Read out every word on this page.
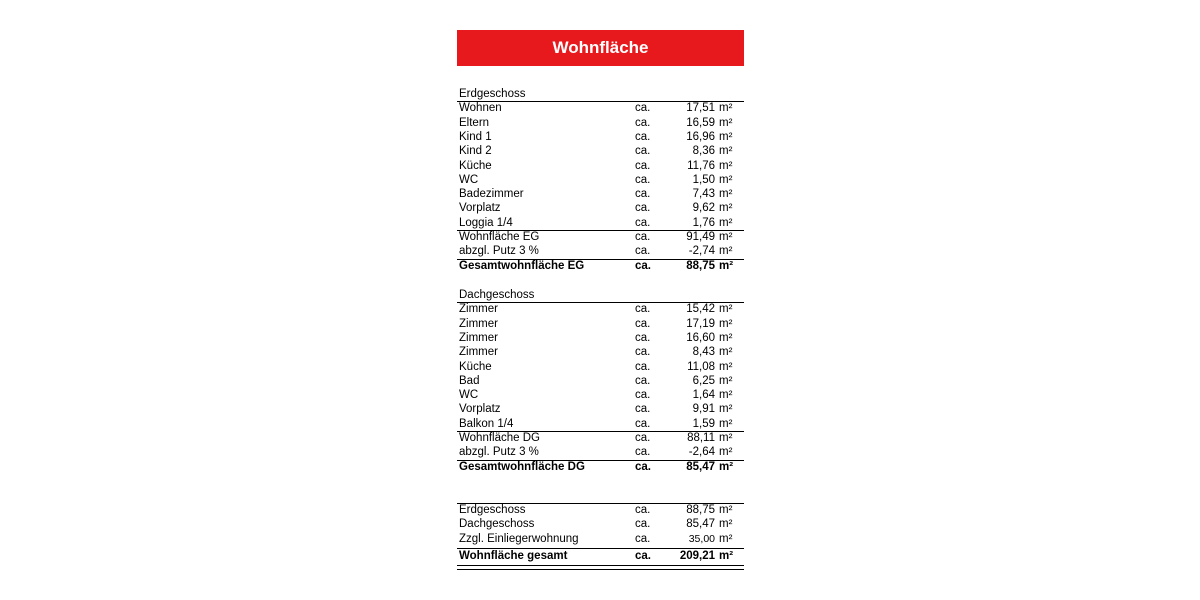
Wohnfläche
Erdgeschoss
Wohnen	ca.	17,51 m²
Eltern	ca.	16,59 m²
Kind 1	ca.	16,96 m²
Kind 2	ca.	8,36 m²
Küche	ca.	11,76 m²
WC	ca.	1,50 m²
Badezimmer	ca.	7,43 m²
Vorplatz	ca.	9,62 m²
Loggia 1/4	ca.	1,76 m²
Wohnfläche EG	ca.	91,49 m²
abzgl. Putz 3 %	ca.	-2,74 m²
Gesamtwohnfläche EG	ca.	88,75 m²
Dachgeschoss
Zimmer	ca.	15,42 m²
Zimmer	ca.	17,19 m²
Zimmer	ca.	16,60 m²
Zimmer	ca.	8,43 m²
Küche	ca.	11,08 m²
Bad	ca.	6,25 m²
WC	ca.	1,64 m²
Vorplatz	ca.	9,91 m²
Balkon 1/4	ca.	1,59 m²
Wohnfläche DG	ca.	88,11 m²
abzgl. Putz 3 %	ca.	-2,64 m²
Gesamtwohnfläche DG	ca.	85,47 m²
Erdgeschoss	ca.	88,75 m²
Dachgeschoss	ca.	85,47 m²
Zzgl. Einliegerwohnung	ca.	35,00 m²
Wohnfläche gesamt	ca.	209,21 m²
